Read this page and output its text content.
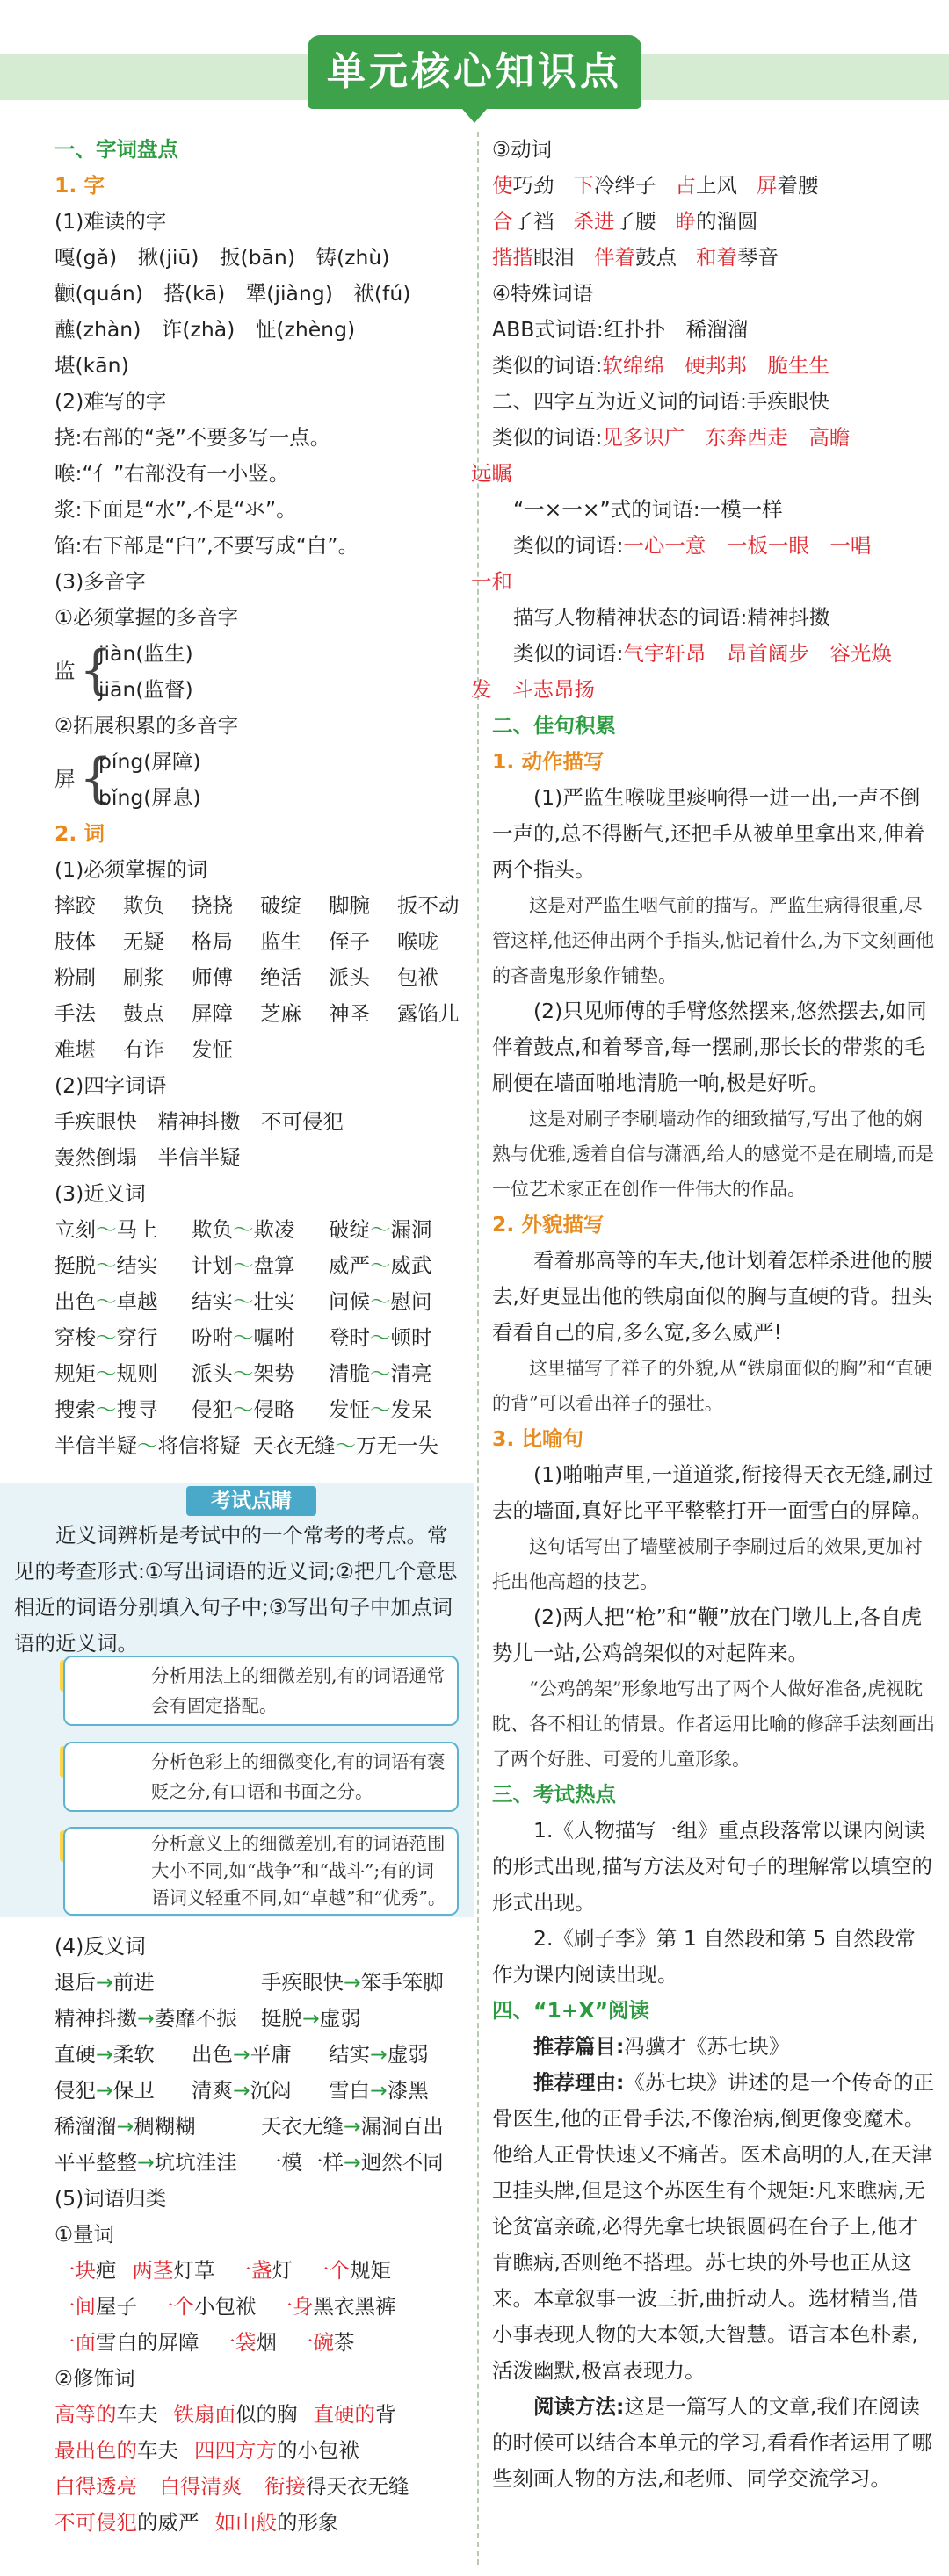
单元核心知识点
一、字词盘点
1. 字
(1)难读的字
嘎(gǎ)　揪(jiū)　扳(bān)　铸(zhù)
颧(quán)　搭(kā)　犟(jiàng)　袱(fú)
蘸(zhàn)　诈(zhà)　怔(zhèng)
堪(kān)
(2)难写的字
挠:右部的“尧”不要多写一点。
喉:“亻”右部没有一小竖。
浆:下面是“水”,不是“氺”。
馅:右下部是“臼”,不要写成“白”。
(3)多音字
①必须掌握的多音字
监 {
jiàn(监生)
jiān(监督)
②拓展积累的多音字
屏 {
píng(屏障)
bǐng(屏息)
2. 词
(1)必须掌握的词
摔跤	欺负	挠挠	破绽	脚腕	扳不动
肢体	无疑	格局	监生	侄子	喉咙
粉刷	刷浆	师傅	绝活	派头	包袱
手法	鼓点	屏障	芝麻	神圣	露馅儿
难堪	有诈	发怔
(2)四字词语
手疾眼快　精神抖擞　不可侵犯
轰然倒塌　半信半疑
(3)近义词
立刻～马上	欺负～欺凌	破绽～漏洞
挺脱～结实	计划～盘算	威严～威武
出色～卓越	结实～壮实	问候～慰问
穿梭～穿行	吩咐～嘱咐	登时～顿时
规矩～规则	派头～架势	清脆～清亮
搜索～搜寻	侵犯～侵略	发怔～发呆
半信半疑～将信将疑 天衣无缝～万无一失
考试点睛
近义词辨析是考试中的一个常考的考点。常见的考查形式:①写出词语的近义词;②把几个意思相近的词语分别填入句子中;③写出句子中加点词语的近义词。
分析用法上的细微差别,有的词语通常会有固定搭配。
分析色彩上的细微变化,有的词语有褒贬之分,有口语和书面之分。
分析意义上的细微差别,有的词语范围大小不同,如“战争”和“战斗”;有的词语词义轻重不同,如“卓越”和“优秀”。
(4)反义词
退后→前进	手疾眼快→笨手笨脚
精神抖擞→萎靡不振	挺脱→虚弱
直硬→柔软	出色→平庸	结实→虚弱
侵犯→保卫	清爽→沉闷	雪白→漆黑
稀溜溜→稠糊糊	天衣无缝→漏洞百出
平平整整→坑坑洼洼	一模一样→迥然不同
(5)词语归类
①量词
一块疤 两茎灯草 一盏灯 一个规矩
一间屋子 一个小包袱 一身黑衣黑裤
一面雪白的屏障 一袋烟 一碗茶
②修饰词
高等的车夫 铁扇面似的胸 直硬的背
最出色的车夫 四四方方的小包袱
白得透亮 白得清爽 衔接得天衣无缝
不可侵犯的威严 如山般的形象
③动词
使巧劲 下冷绊子 占上风 屏着腰
合了裆 杀进了腰 睁的溜圆
揩揩眼泪 伴着鼓点 和着琴音
④特殊词语
ABB式词语:红扑扑　稀溜溜
类似的词语:软绵绵　硬邦邦　脆生生
二、四字互为近义词的词语:手疾眼快
类似的词语:见多识广　东奔西走　高瞻
远瞩
“一×一×”式的词语:一模一样
类似的词语:一心一意　一板一眼　一唱
一和
描写人物精神状态的词语:精神抖擞
类似的词语:气宇轩昂　昂首阔步　容光焕
发　斗志昂扬
二、佳句积累
1. 动作描写
(1)严监生喉咙里痰响得一进一出,一声不倒一声的,总不得断气,还把手从被单里拿出来,伸着两个指头。
这是对严监生咽气前的描写。严监生病得很重,尽管这样,他还伸出两个手指头,惦记着什么,为下文刻画他的吝啬鬼形象作铺垫。
(2)只见师傅的手臂悠然摆来,悠然摆去,如同伴着鼓点,和着琴音,每一摆刷,那长长的带浆的毛刷便在墙面啪地清脆一响,极是好听。
这是对刷子李刷墙动作的细致描写,写出了他的娴熟与优雅,透着自信与潇洒,给人的感觉不是在刷墙,而是一位艺术家正在创作一件伟大的作品。
2. 外貌描写
看着那高等的车夫,他计划着怎样杀进他的腰去,好更显出他的铁扇面似的胸与直硬的背。扭头看看自己的肩,多么宽,多么威严!
这里描写了祥子的外貌,从“铁扇面似的胸”和“直硬的背”可以看出祥子的强壮。
3. 比喻句
(1)啪啪声里,一道道浆,衔接得天衣无缝,刷过去的墙面,真好比平平整整打开一面雪白的屏障。
这句话写出了墙壁被刷子李刷过后的效果,更加衬托出他高超的技艺。
(2)两人把“枪”和“鞭”放在门墩儿上,各自虎势儿一站,公鸡鸽架似的对起阵来。
“公鸡鸽架”形象地写出了两个人做好准备,虎视眈眈、各不相让的情景。作者运用比喻的修辞手法刻画出了两个好胜、可爱的儿童形象。
三、考试热点
1.《人物描写一组》重点段落常以课内阅读的形式出现,描写方法及对句子的理解常以填空的形式出现。
2.《刷子李》第 1 自然段和第 5 自然段常作为课内阅读出现。
四、“1+X”阅读
推荐篇目:冯骥才《苏七块》
推荐理由:《苏七块》讲述的是一个传奇的正骨医生,他的正骨手法,不像治病,倒更像变魔术。他给人正骨快速又不痛苦。医术高明的人,在天津卫挂头牌,但是这个苏医生有个规矩:凡来瞧病,无论贫富亲疏,必得先拿七块银圆码在台子上,他才肯瞧病,否则绝不搭理。苏七块的外号也正从这来。本章叙事一波三折,曲折动人。选材精当,借小事表现人物的大本领,大智慧。语言本色朴素,活泼幽默,极富表现力。
阅读方法:这是一篇写人的文章,我们在阅读的时候可以结合本单元的学习,看看作者运用了哪些刻画人物的方法,和老师、同学交流学习。
